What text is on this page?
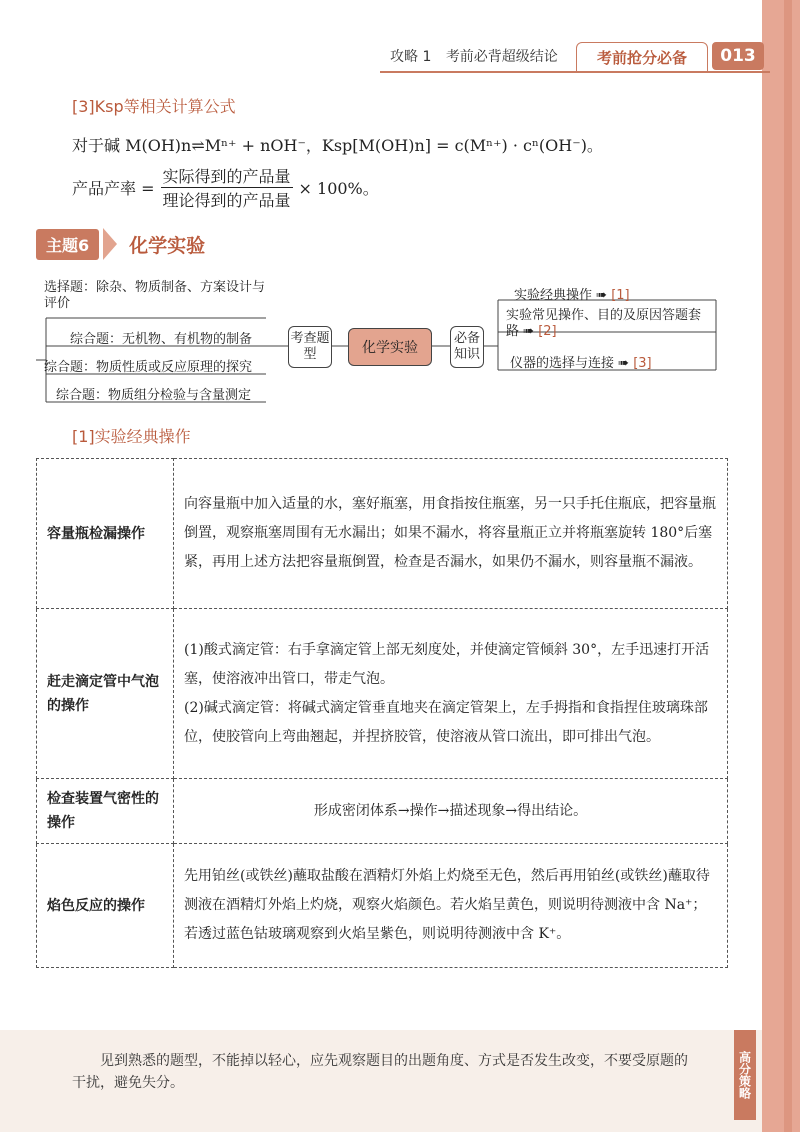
攻略 1 考前必背超级结论	考前抢分必备	013
[3]Ksp等相关计算公式
对于碱 M(OH)n⇌Mⁿ⁺ + nOH⁻，Ksp[M(OH)n] = c(Mⁿ⁺) · cⁿ(OH⁻)。
产品产率 = $\frac{\text{实际得到的产品量}}{\text{理论得到的产品量}} \times 100\%$。
主题6	化学实验
选择题：除杂、物质制备、方案设计与评价
综合题：无机物、有机物的制备
综合题：物质性质或反应原理的探究
综合题：物质组分检验与含量测定
考查题型	化学实验
必备知识
实验经典操作 ➠ [1]
实验常见操作、目的及原因答题套路 ➠ [2]
仪器的选择与连接 ➠ [3]
[1]实验经典操作
容量瓶检漏操作	向容量瓶中加入适量的水，塞好瓶塞，用食指按住瓶塞，另一只手托住瓶底，把容量瓶倒置，观察瓶塞周围有无水漏出；如果不漏水，将容量瓶正立并将瓶塞旋转 180°后塞紧，再用上述方法把容量瓶倒置，检查是否漏水，如果仍不漏水，则容量瓶不漏液。
赶走滴定管中气泡的操作	(1)酸式滴定管：右手拿滴定管上部无刻度处，并使滴定管倾斜 30°，左手迅速打开活塞，使溶液冲出管口，带走气泡。
(2)碱式滴定管：将碱式滴定管垂直地夹在滴定管架上，左手拇指和食指捏住玻璃珠部位，使胶管向上弯曲翘起，并捏挤胶管，使溶液从管口流出，即可排出气泡。

检查装置气密性的操作	形成密闭体系→操作→描述现象→得出结论。
焰色反应的操作	先用铂丝(或铁丝)蘸取盐酸在酒精灯外焰上灼烧至无色，然后再用铂丝(或铁丝)蘸取待测液在酒精灯外焰上灼烧，观察火焰颜色。若火焰呈黄色，则说明待测液中含 Na⁺；若透过蓝色钴玻璃观察到火焰呈紫色，则说明待测液中含 K⁺。
见到熟悉的题型，不能掉以轻心，应先观察题目的出题角度、方式是否发生改变，不要受原题的干扰，避免失分。	高分策略
